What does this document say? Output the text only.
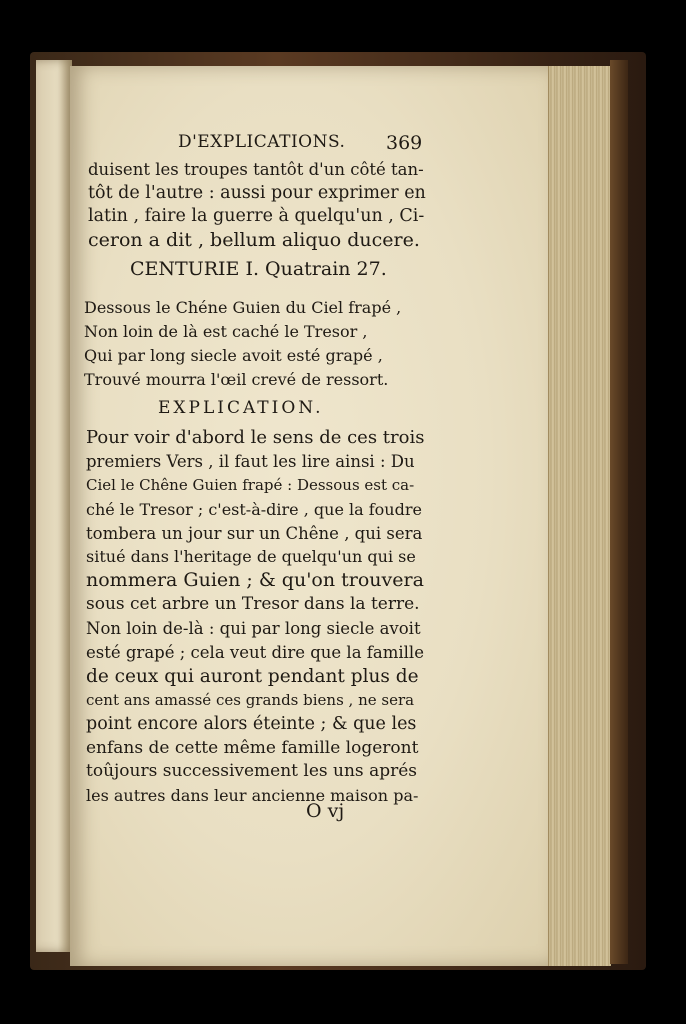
D'EXPLICATIONS. 369
duisent les troupes tantôt d'un côté tan-
tôt de l'autre : aussi pour exprimer en
latin , faire la guerre à quelqu'un , Ci-
ceron a dit , bellum aliquo ducere.
CENTURIE I. Quatrain 27.
Dessous le Chéne Guien du Ciel frapé ,
Non loin de là est caché le Tresor ,
Qui par long siecle avoit esté grapé ,
Trouvé mourra l'œil crevé de ressort.
EXPLICATION.
Pour voir d'abord le sens de ces trois
premiers Vers , il faut les lire ainsi : Du
Ciel le Chêne Guien frapé : Dessous est ca-
ché le Tresor ; c'est-à-dire , que la foudre
tombera un jour sur un Chêne , qui sera
situé dans l'heritage de quelqu'un qui se
nommera Guien ; & qu'on trouvera
sous cet arbre un Tresor dans la terre.
Non loin de-là : qui par long siecle avoit
esté grapé ; cela veut dire que la famille
de ceux qui auront pendant plus de
cent ans amassé ces grands biens , ne sera
point encore alors éteinte ; & que les
enfans de cette même famille logeront
toûjours successivement les uns aprés
les autres dans leur ancienne maison pa-
O vj
